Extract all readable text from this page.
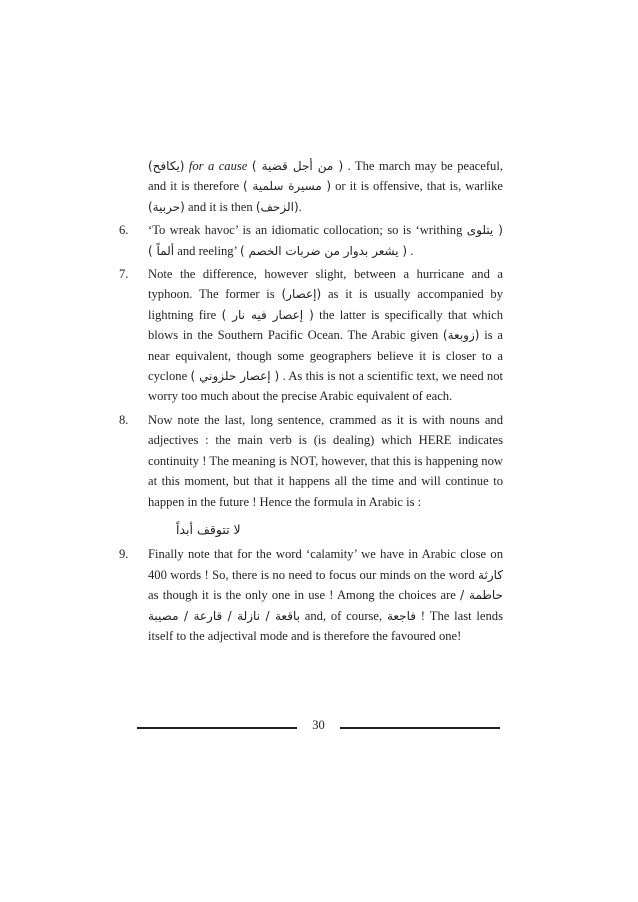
(يكافح) for a cause ( من أجل قضية ) . The march may be peaceful, and it is therefore ( مسيرة سلمية ) or it is offensive, that is, warlike (حربية) and it is then (الزحف).

6. ‘To wreak havoc’ is an idiomatic collocation; so is ‘writhing ( يتلوى ألماً ) and reeling’ ( يشعر بدوار من ضربات الخصم ) .

7. Note the difference, however slight, between a hurricane and a typhoon. The former is (إعصار) as it is usually accompanied by lightning fire ( إعصار فيه نار ) the latter is specifically that which blows in the Southern Pacific Ocean. The Arabic given (زوبعة) is a near equivalent, though some geographers believe it is closer to a cyclone ( إعصار حلزوني ) . As this is not a scientific text, we need not worry too much about the precise Arabic equivalent of each.

8. Now note the last, long sentence, crammed as it is with nouns and adjectives : the main verb is (is dealing) which HERE indicates continuity ! The meaning is NOT, however, that this is happening now at this moment, but that it happens all the time and will continue to happen in the future ! Hence the formula in Arabic is :

لا تتوقف أبداً

9. Finally note that for the word ‘calamity’ we have in Arabic close on 400 words ! So, there is no need to focus our minds on the word كارثة as though it is the only one in use ! Among the choices are حاطمة / باقعة / نازلة / قارعة / مصيبة and, of course, فاجعة ! The last lends itself to the adjectival mode and is therefore the favoured one!

30
